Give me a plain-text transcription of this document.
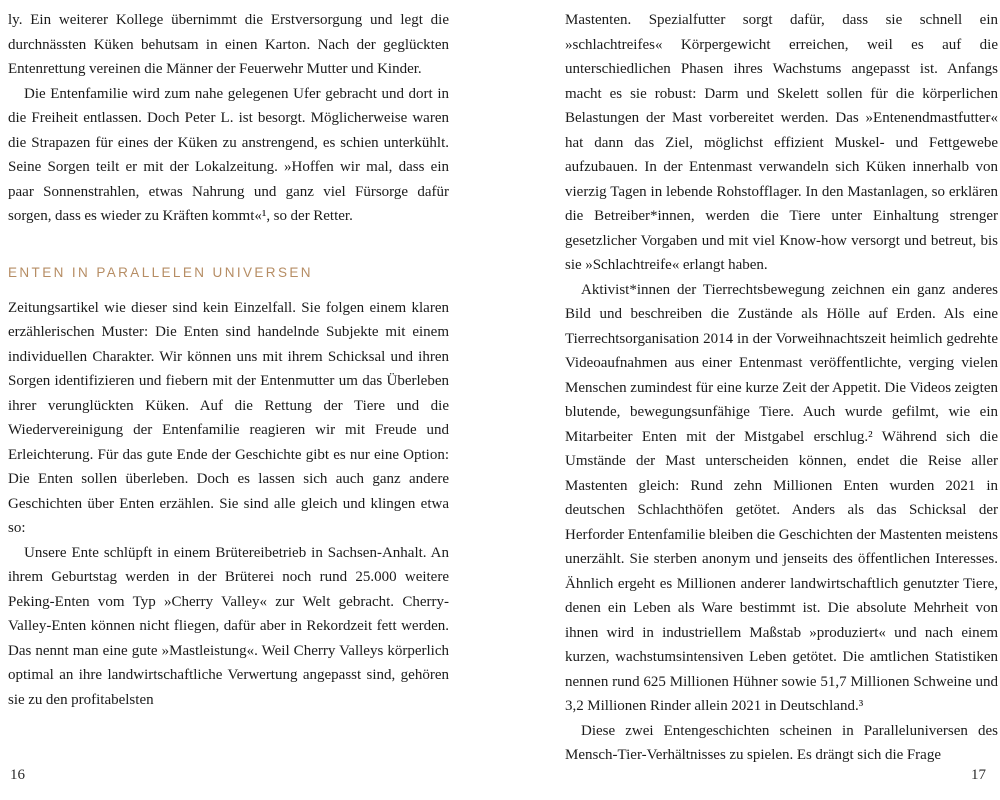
ly. Ein weiterer Kollege übernimmt die Erstversorgung und legt die durchnässten Küken behutsam in einen Karton. Nach der geglückten Entenrettung vereinen die Männer der Feuerwehr Mutter und Kinder.

Die Entenfamilie wird zum nahe gelegenen Ufer gebracht und dort in die Freiheit entlassen. Doch Peter L. ist besorgt. Möglicherweise waren die Strapazen für eines der Küken zu anstrengend, es schien unterkühlt. Seine Sorgen teilt er mit der Lokalzeitung. »Hoffen wir mal, dass ein paar Sonnenstrahlen, etwas Nahrung und ganz viel Fürsorge dafür sorgen, dass es wieder zu Kräften kommt«¹, so der Retter.

ENTEN IN PARALLELEN UNIVERSEN

Zeitungsartikel wie dieser sind kein Einzelfall. Sie folgen einem klaren erzählerischen Muster: Die Enten sind handelnde Subjekte mit einem individuellen Charakter. Wir können uns mit ihrem Schicksal und ihren Sorgen identifizieren und fiebern mit der Entenmutter um das Überleben ihrer verunglückten Küken. Auf die Rettung der Tiere und die Wiedervereinigung der Entenfamilie reagieren wir mit Freude und Erleichterung. Für das gute Ende der Geschichte gibt es nur eine Option: Die Enten sollen überleben. Doch es lassen sich auch ganz andere Geschichten über Enten erzählen. Sie sind alle gleich und klingen etwa so:

Unsere Ente schlüpft in einem Brütereibetrieb in Sachsen-Anhalt. An ihrem Geburtstag werden in der Brüterei noch rund 25.000 weitere Peking-Enten vom Typ »Cherry Valley« zur Welt gebracht. Cherry-Valley-Enten können nicht fliegen, dafür aber in Rekordzeit fett werden. Das nennt man eine gute »Mastleistung«. Weil Cherry Valleys körperlich optimal an ihre landwirtschaftliche Verwertung angepasst sind, gehören sie zu den profitabelsten

Mastenten. Spezialfutter sorgt dafür, dass sie schnell ein »schlachtreifes« Körpergewicht erreichen, weil es auf die unterschiedlichen Phasen ihres Wachstums angepasst ist. Anfangs macht es sie robust: Darm und Skelett sollen für die körperlichen Belastungen der Mast vorbereitet werden. Das »Entenendmastfutter« hat dann das Ziel, möglichst effizient Muskel- und Fettgewebe aufzubauen. In der Entenmast verwandeln sich Küken innerhalb von vierzig Tagen in lebende Rohstofflager. In den Mastanlagen, so erklären die Betreiber*innen, werden die Tiere unter Einhaltung strenger gesetzlicher Vorgaben und mit viel Know-how versorgt und betreut, bis sie »Schlachtreife« erlangt haben.

Aktivist*innen der Tierrechtsbewegung zeichnen ein ganz anderes Bild und beschreiben die Zustände als Hölle auf Erden. Als eine Tierrechtsorganisation 2014 in der Vorweihnachtszeit heimlich gedrehte Videoaufnahmen aus einer Entenmast veröffentlichte, verging vielen Menschen zumindest für eine kurze Zeit der Appetit. Die Videos zeigten blutende, bewegungsunfähige Tiere. Auch wurde gefilmt, wie ein Mitarbeiter Enten mit der Mistgabel erschlug.² Während sich die Umstände der Mast unterscheiden können, endet die Reise aller Mastenten gleich: Rund zehn Millionen Enten wurden 2021 in deutschen Schlachthöfen getötet. Anders als das Schicksal der Herforder Entenfamilie bleiben die Geschichten der Mastenten meistens unerzählt. Sie sterben anonym und jenseits des öffentlichen Interesses. Ähnlich ergeht es Millionen anderer landwirtschaftlich genutzter Tiere, denen ein Leben als Ware bestimmt ist. Die absolute Mehrheit von ihnen wird in industriellem Maßstab »produziert« und nach einem kurzen, wachstumsintensiven Leben getötet. Die amtlichen Statistiken nennen rund 625 Millionen Hühner sowie 51,7 Millionen Schweine und 3,2 Millionen Rinder allein 2021 in Deutschland.³

Diese zwei Entengeschichten scheinen in Paralleluniversen des Mensch-Tier-Verhältnisses zu spielen. Es drängt sich die Frage

16	17
